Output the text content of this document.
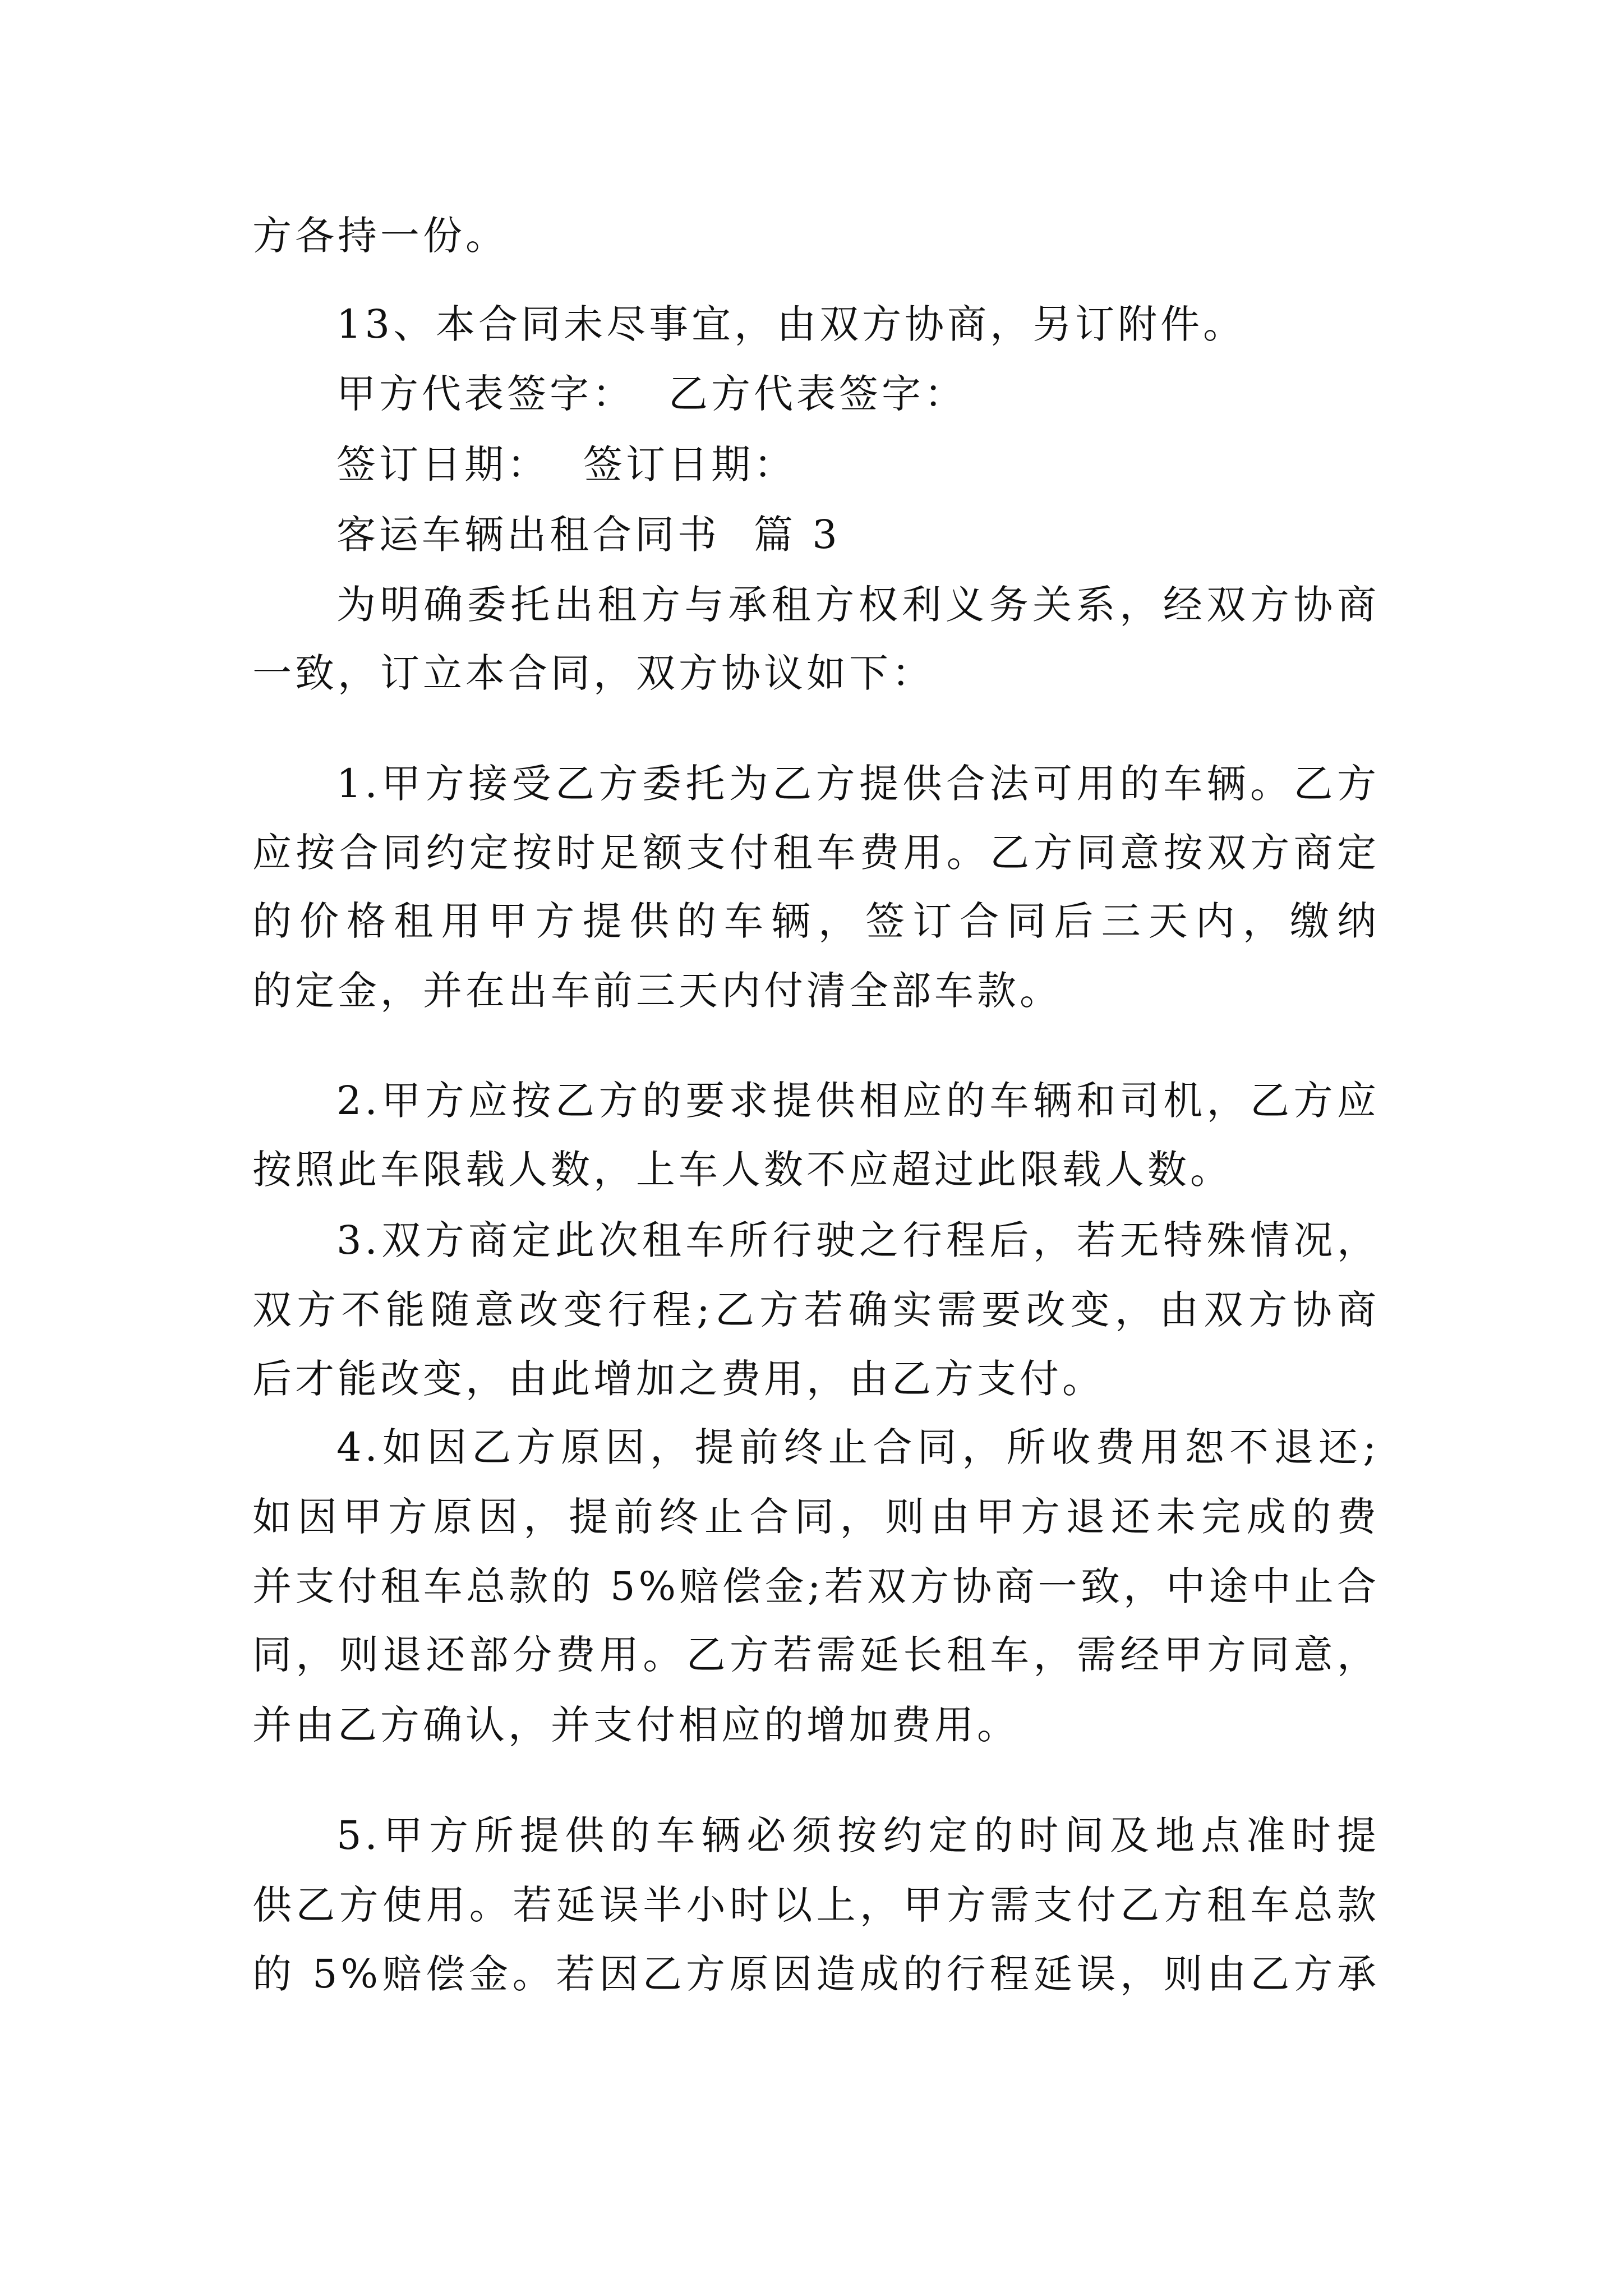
方各持一份。
13、本合同未尽事宜，由双方协商，另订附件。
甲方代表签字： 乙方代表签字：
签订日期： 签订日期：
客运车辆出租合同书 篇 3
为明确委托出租方与承租方权利义务关系，经双方协商
一致，订立本合同，双方协议如下：
1.甲方接受乙方委托为乙方提供合法可用的车辆。乙方
应按合同约定按时足额支付租车费用。乙方同意按双方商定
的价格租用甲方提供的车辆，签订合同后三天内，缴纳
的定金，并在出车前三天内付清全部车款。
2.甲方应按乙方的要求提供相应的车辆和司机，乙方应
按照此车限载人数，上车人数不应超过此限载人数。
3.双方商定此次租车所行驶之行程后，若无特殊情况，
双方不能随意改变行程;乙方若确实需要改变，由双方协商
后才能改变，由此增加之费用，由乙方支付。
4.如因乙方原因，提前终止合同，所收费用恕不退还;
如因甲方原因，提前终止合同，则由甲方退还未完成的费
并支付租车总款的 5%赔偿金;若双方协商一致，中途中止合
同，则退还部分费用。乙方若需延长租车，需经甲方同意，
并由乙方确认，并支付相应的增加费用。
5.甲方所提供的车辆必须按约定的时间及地点准时提
供乙方使用。若延误半小时以上，甲方需支付乙方租车总款
的 5%赔偿金。若因乙方原因造成的行程延误，则由乙方承
